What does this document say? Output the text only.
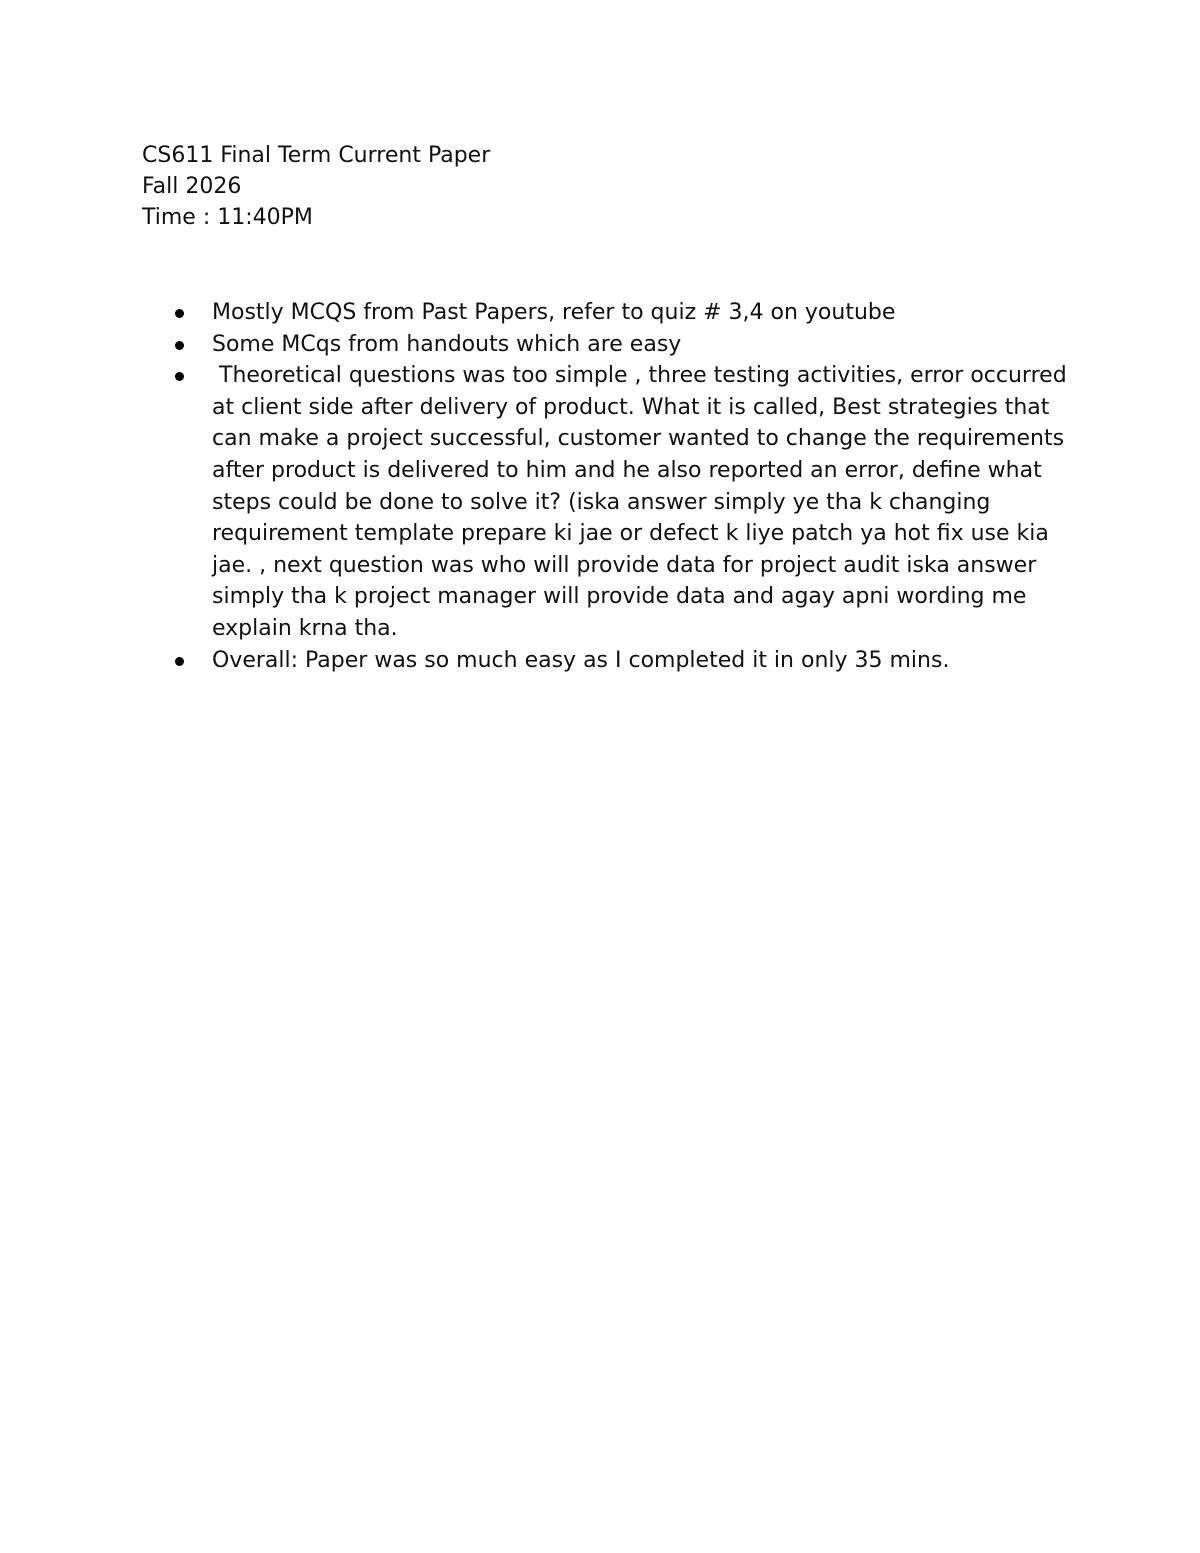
CS611 Final Term Current Paper
Fall 2026
Time : 11:40PM
Mostly MCQS from Past Papers, refer to quiz # 3,4 on youtube
Some MCqs from handouts which are easy
Theoretical questions was too simple , three testing activities, error occurred at client side after delivery of product. What it is called, Best strategies that can make a project successful, customer wanted to change the requirements after product is delivered to him and he also reported an error, define what steps could be done to solve it? (iska answer simply ye tha k changing requirement template prepare ki jae or defect k liye patch ya hot fix use kia jae. , next question was who will provide data for project audit iska answer simply tha k project manager will provide data and agay apni wording me explain krna tha.
Overall: Paper was so much easy as I completed it in only 35 mins.
